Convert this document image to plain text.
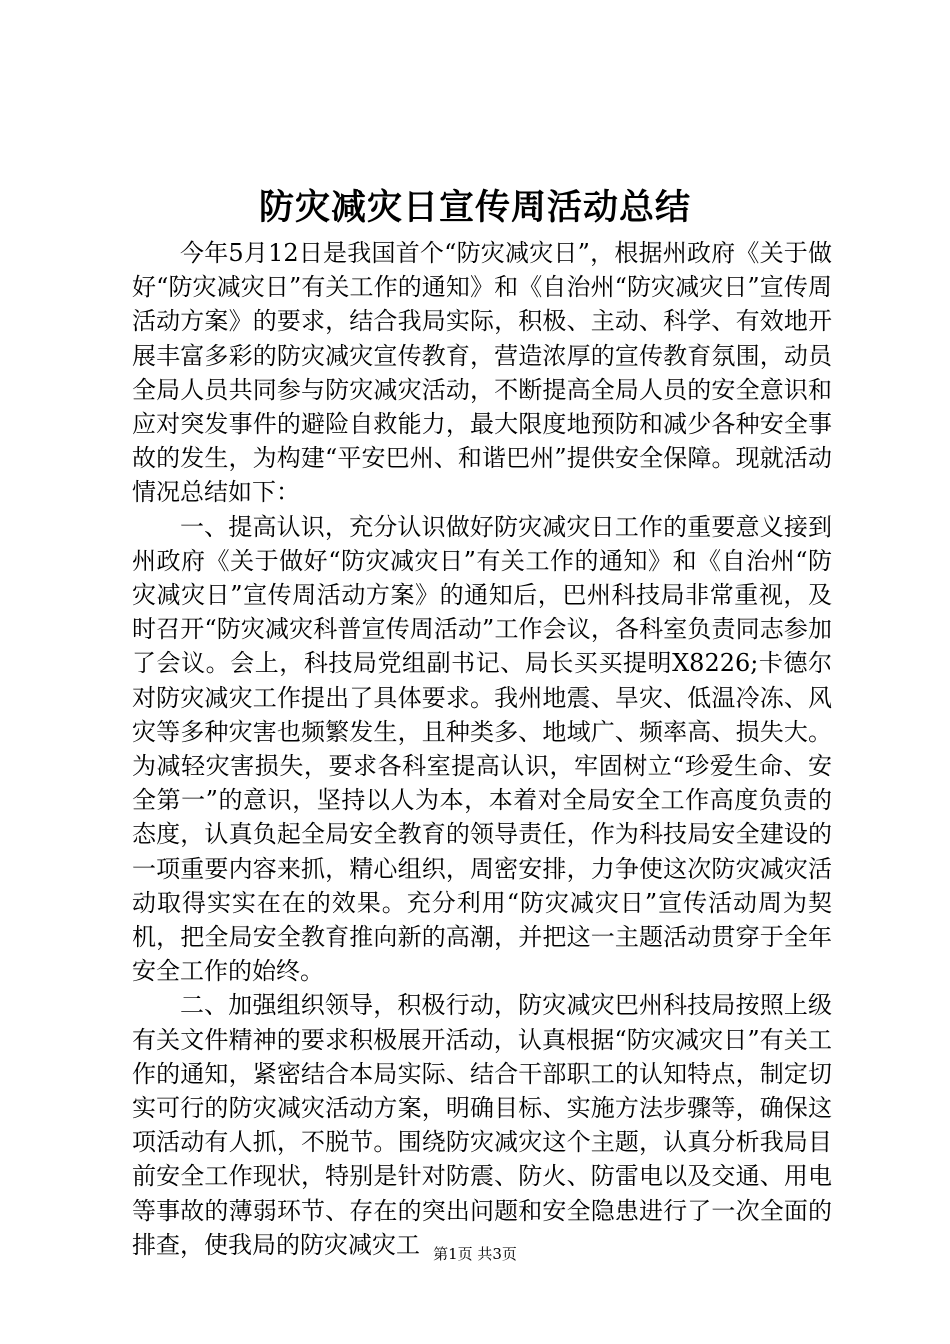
防灾减灾日宣传周活动总结

今年5月12日是我国首个“防灾减灾日”，根据州政府《关于做好“防灾减灾日”有关工作的通知》和《自治州“防灾减灾日”宣传周活动方案》的要求，结合我局实际，积极、主动、科学、有效地开展丰富多彩的防灾减灾宣传教育，营造浓厚的宣传教育氛围，动员全局人员共同参与防灾减灾活动，不断提高全局人员的安全意识和应对突发事件的避险自救能力，最大限度地预防和减少各种安全事故的发生，为构建“平安巴州、和谐巴州”提供安全保障。现就活动情况总结如下：

一、提高认识，充分认识做好防灾减灾日工作的重要意义接到州政府《关于做好“防灾减灾日”有关工作的通知》和《自治州“防灾减灾日”宣传周活动方案》的通知后，巴州科技局非常重视，及时召开“防灾减灾科普宣传周活动”工作会议，各科室负责同志参加了会议。会上，科技局党组副书记、局长买买提明X8226;卡德尔对防灾减灾工作提出了具体要求。我州地震、旱灾、低温冷冻、风灾等多种灾害也频繁发生，且种类多、地域广、频率高、损失大。为减轻灾害损失，要求各科室提高认识，牢固树立“珍爱生命、安全第一”的意识，坚持以人为本，本着对全局安全工作高度负责的态度，认真负起全局安全教育的领导责任，作为科技局安全建设的一项重要内容来抓，精心组织，周密安排，力争使这次防灾减灾活动取得实实在在的效果。充分利用“防灾减灾日”宣传活动周为契机，把全局安全教育推向新的高潮，并把这一主题活动贯穿于全年安全工作的始终。

二、加强组织领导，积极行动，防灾减灾巴州科技局按照上级有关文件精神的要求积极展开活动，认真根据“防灾减灾日”有关工作的通知，紧密结合本局实际、结合干部职工的认知特点，制定切实可行的防灾减灾活动方案，明确目标、实施方法步骤等，确保这项活动有人抓，不脱节。围绕防灾减灾这个主题，认真分析我局目前安全工作现状，特别是针对防震、防火、防雷电以及交通、用电等事故的薄弱环节、存在的突出问题和安全隐患进行了一次全面的排查，使我局的防灾减灾工 第1页 共3页
